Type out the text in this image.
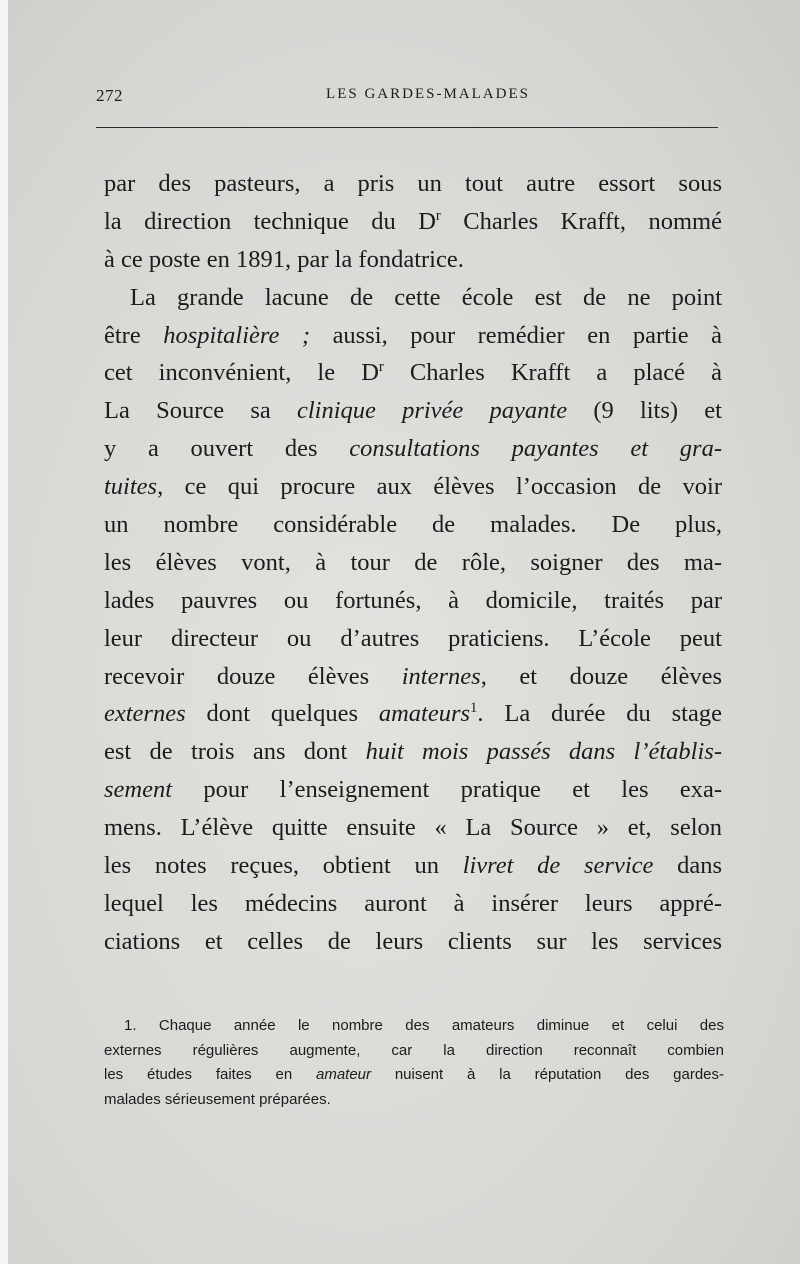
272	LES GARDES-MALADES
par des pasteurs, a pris un tout autre essort sous
la direction technique du $D^r$ Charles Krafft, nommé
à ce poste en 1891, par la fondatrice.
La grande lacune de cette école est de ne point
être hospitalière ; aussi, pour remédier en partie à
cet inconvénient, le $D^r$ Charles Krafft a placé à
La Source sa clinique privée payante (9 lits) et
y a ouvert des consultations payantes et gra-
tuites, ce qui procure aux élèves l’occasion de voir
un nombre considérable de malades. De plus,
les élèves vont, à tour de rôle, soigner des ma-
lades pauvres ou fortunés, à domicile, traités par
leur directeur ou d’autres praticiens. L’école peut
recevoir douze élèves internes, et douze élèves
externes dont quelques amateurs$^1$. La durée du stage
est de trois ans dont huit mois passés dans l’établis-
sement pour l’enseignement pratique et les exa-
mens. L’élève quitte ensuite « La Source » et, selon
les notes reçues, obtient un livret de service dans
lequel les médecins auront à insérer leurs appré-
ciations et celles de leurs clients sur les services
1. Chaque année le nombre des amateurs diminue et celui des
externes régulières augmente, car la direction reconnaît combien
les études faites en amateur nuisent à la réputation des gardes-
malades sérieusement préparées.
